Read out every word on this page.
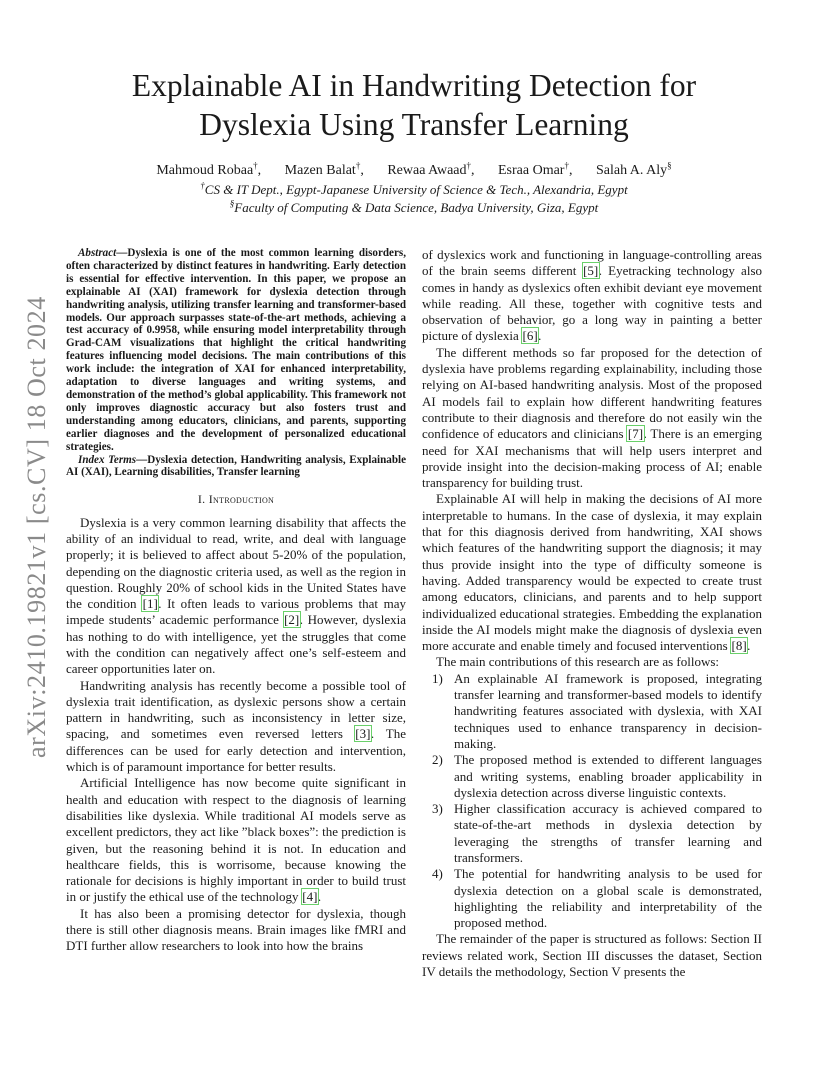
arXiv:2410.19821v1 [cs.CV] 18 Oct 2024
Explainable AI in Handwriting Detection for
Dyslexia Using Transfer Learning
Mahmoud Robaa†, Mazen Balat†, Rewaa Awaad†, Esraa Omar†, Salah A. Aly§
†CS & IT Dept., Egypt-Japanese University of Science & Tech., Alexandria, Egypt
§Faculty of Computing & Data Science, Badya University, Giza, Egypt

Abstract—Dyslexia is one of the most common learning disorders, often characterized by distinct features in handwriting. Early detection is essential for effective intervention. In this paper, we propose an explainable AI (XAI) framework for dyslexia detection through handwriting analysis, utilizing transfer learning and transformer-based models. Our approach surpasses state-of-the-art methods, achieving a test accuracy of 0.9958, while ensuring model interpretability through Grad-CAM visualizations that highlight the critical handwriting features influencing model decisions. The main contributions of this work include: the integration of XAI for enhanced interpretability, adaptation to diverse languages and writing systems, and demonstration of the method’s global applicability. This framework not only improves diagnostic accuracy but also fosters trust and understanding among educators, clinicians, and parents, supporting earlier diagnoses and the development of personalized educational strategies.

Index Terms—Dyslexia detection, Handwriting analysis, Explainable AI (XAI), Learning disabilities, Transfer learning

I. Introduction

Dyslexia is a very common learning disability that affects the ability of an individual to read, write, and deal with language properly; it is believed to affect about 5-20% of the population, depending on the diagnostic criteria used, as well as the region in question. Roughly 20% of school kids in the United States have the condition [1]. It often leads to various problems that may impede students’ academic performance [2]. However, dyslexia has nothing to do with intelligence, yet the struggles that come with the condition can negatively affect one’s self-esteem and career opportunities later on.

Handwriting analysis has recently become a possible tool of dyslexia trait identification, as dyslexic persons show a certain pattern in handwriting, such as inconsistency in letter size, spacing, and sometimes even reversed letters [3]. The differences can be used for early detection and intervention, which is of paramount importance for better results.

Artificial Intelligence has now become quite significant in health and education with respect to the diagnosis of learning disabilities like dyslexia. While traditional AI models serve as excellent predictors, they act like ”black boxes”: the prediction is given, but the reasoning behind it is not. In education and healthcare fields, this is worrisome, because knowing the rationale for decisions is highly important in order to build trust in or justify the ethical use of the technology [4].

It has also been a promising detector for dyslexia, though there is still other diagnosis means. Brain images like fMRI and DTI further allow researchers to look into how the brains

of dyslexics work and functioning in language-controlling areas of the brain seems different [5]. Eyetracking technology also comes in handy as dyslexics often exhibit deviant eye movement while reading. All these, together with cognitive tests and observation of behavior, go a long way in painting a better picture of dyslexia [6].

The different methods so far proposed for the detection of dyslexia have problems regarding explainability, including those relying on AI-based handwriting analysis. Most of the proposed AI models fail to explain how different handwriting features contribute to their diagnosis and therefore do not easily win the confidence of educators and clinicians [7]. There is an emerging need for XAI mechanisms that will help users interpret and provide insight into the decision-making process of AI; enable transparency for building trust.

Explainable AI will help in making the decisions of AI more interpretable to humans. In the case of dyslexia, it may explain that for this diagnosis derived from handwriting, XAI shows which features of the handwriting support the diagnosis; it may thus provide insight into the type of difficulty someone is having. Added transparency would be expected to create trust among educators, clinicians, and parents and to help support individualized educational strategies. Embedding the explanation inside the AI models might make the diagnosis of dyslexia even more accurate and enable timely and focused interventions [8].

The main contributions of this research are as follows:

1) An explainable AI framework is proposed, integrating transfer learning and transformer-based models to identify handwriting features associated with dyslexia, with XAI techniques used to enhance transparency in decision-making.
2) The proposed method is extended to different languages and writing systems, enabling broader applicability in dyslexia detection across diverse linguistic contexts.
3) Higher classification accuracy is achieved compared to state-of-the-art methods in dyslexia detection by leveraging the strengths of transfer learning and transformers.
4) The potential for handwriting analysis to be used for dyslexia detection on a global scale is demonstrated, highlighting the reliability and interpretability of the proposed method.

The remainder of the paper is structured as follows: Section II reviews related work, Section III discusses the dataset, Section IV details the methodology, Section V presents the
